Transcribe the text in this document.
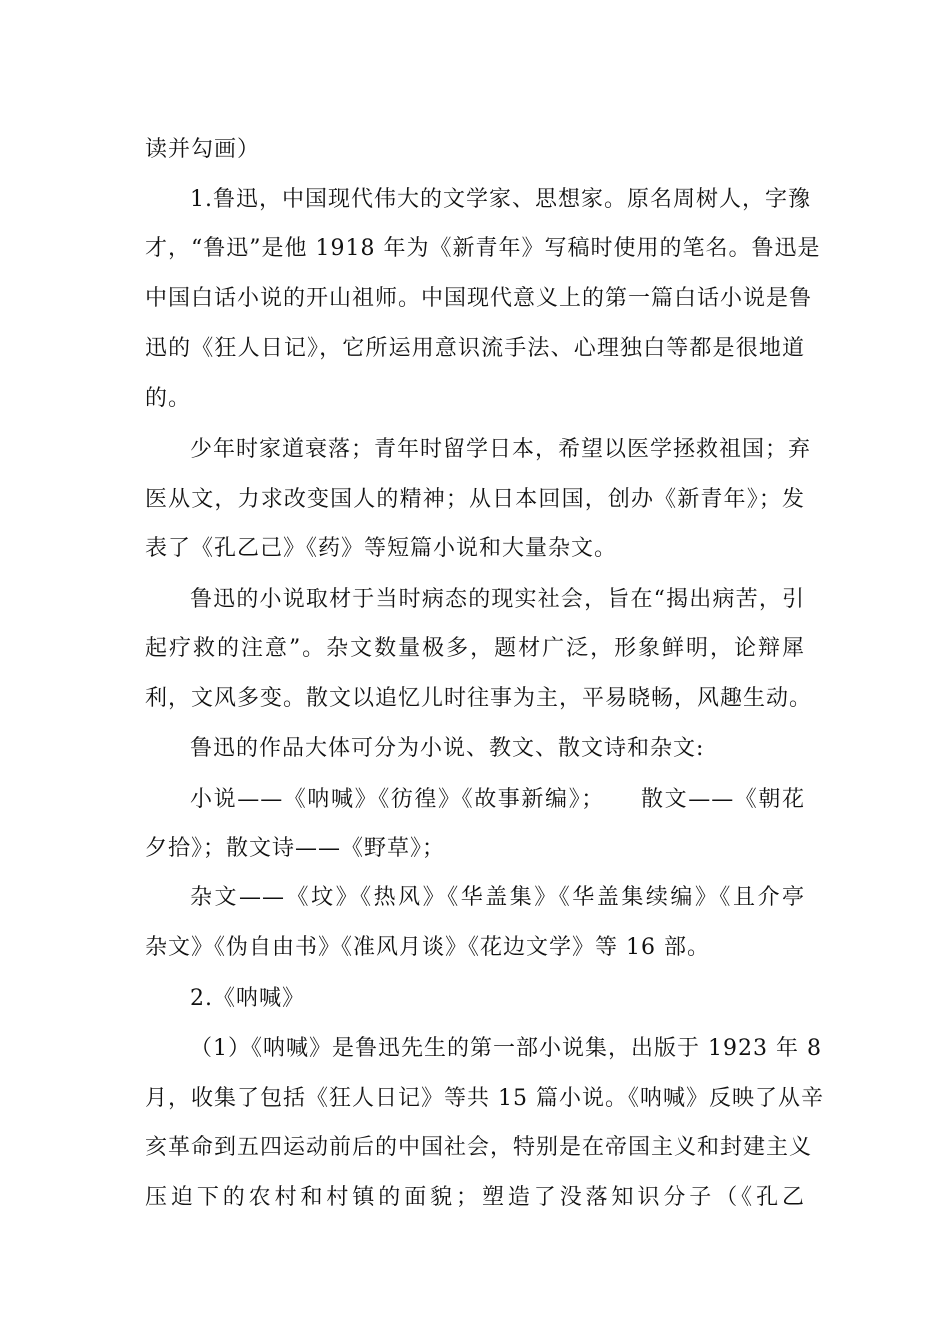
读并勾画）
1.鲁迅，中国现代伟大的文学家、思想家。原名周树人，字豫
才，“鲁迅”是他 1918 年为《新青年》写稿时使用的笔名。鲁迅是
中国白话小说的开山祖师。中国现代意义上的第一篇白话小说是鲁
迅的《狂人日记》，它所运用意识流手法、心理独白等都是很地道
的。
少年时家道衰落；青年时留学日本，希望以医学拯救祖国；弃
医从文，力求改变国人的精神；从日本回国，创办《新青年》；发
表了《孔乙己》《药》等短篇小说和大量杂文。
鲁迅的小说取材于当时病态的现实社会，旨在“揭出病苦，引
起疗救的注意”。杂文数量极多，题材广泛，形象鲜明，论辩犀
利，文风多变。散文以追忆儿时往事为主，平易晓畅，风趣生动。
鲁迅的作品大体可分为小说、教文、散文诗和杂文:
小说——《呐喊》《彷徨》《故事新编》；　　散文——《朝花
夕拾》；散文诗——《野草》；
杂文——《坟》《热风》《华盖集》《华盖集续编》《且介亭
杂文》《伪自由书》《准风月谈》《花边文学》等 16 部。
2.《呐喊》
（1）《呐喊》是鲁迅先生的第一部小说集，出版于 1923 年 8
月，收集了包括《狂人日记》等共 15 篇小说。《呐喊》反映了从辛
亥革命到五四运动前后的中国社会，特别是在帝国主义和封建主义
压迫下的农村和村镇的面貌；塑造了没落知识分子（《孔乙
